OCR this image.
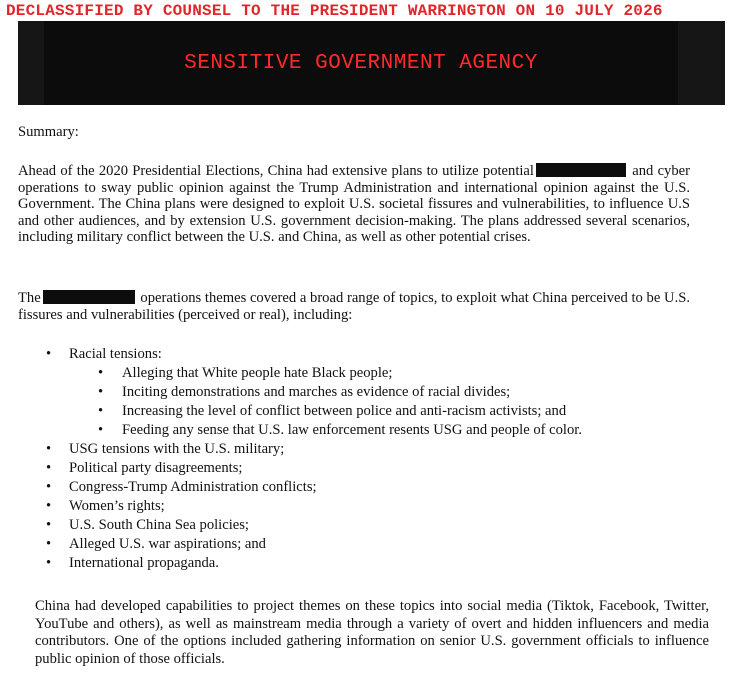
DECLASSIFIED BY COUNSEL TO THE PRESIDENT WARRINGTON ON 10 JULY 2026
SENSITIVE GOVERNMENT AGENCY
Summary:
Ahead of the 2020 Presidential Elections, China had extensive plans to utilize potential	and cyber operations to sway public opinion against the Trump Administration and international opinion against the U.S. Government. The China plans were designed to exploit U.S. societal fissures and vulnerabilities, to influence U.S and other audiences, and by extension U.S. government decision-making. The plans addressed several scenarios, including military conflict between the U.S. and China, as well as other potential crises.
The	operations themes covered a broad range of topics, to exploit what China perceived to be U.S. fissures and vulnerabilities (perceived or real), including:
• Racial tensions:
• Alleging that White people hate Black people;
• Inciting demonstrations and marches as evidence of racial divides;
• Increasing the level of conflict between police and anti-racism activists; and
• Feeding any sense that U.S. law enforcement resents USG and people of color.
• USG tensions with the U.S. military;
• Political party disagreements;
• Congress-Trump Administration conflicts;
• Women’s rights;
• U.S. South China Sea policies;
• Alleged U.S. war aspirations; and
• International propaganda.
China had developed capabilities to project themes on these topics into social media (Tiktok, Facebook, Twitter, YouTube and others), as well as mainstream media through a variety of overt and hidden influencers and media contributors. One of the options included gathering information on senior U.S. government officials to influence public opinion of those officials.
